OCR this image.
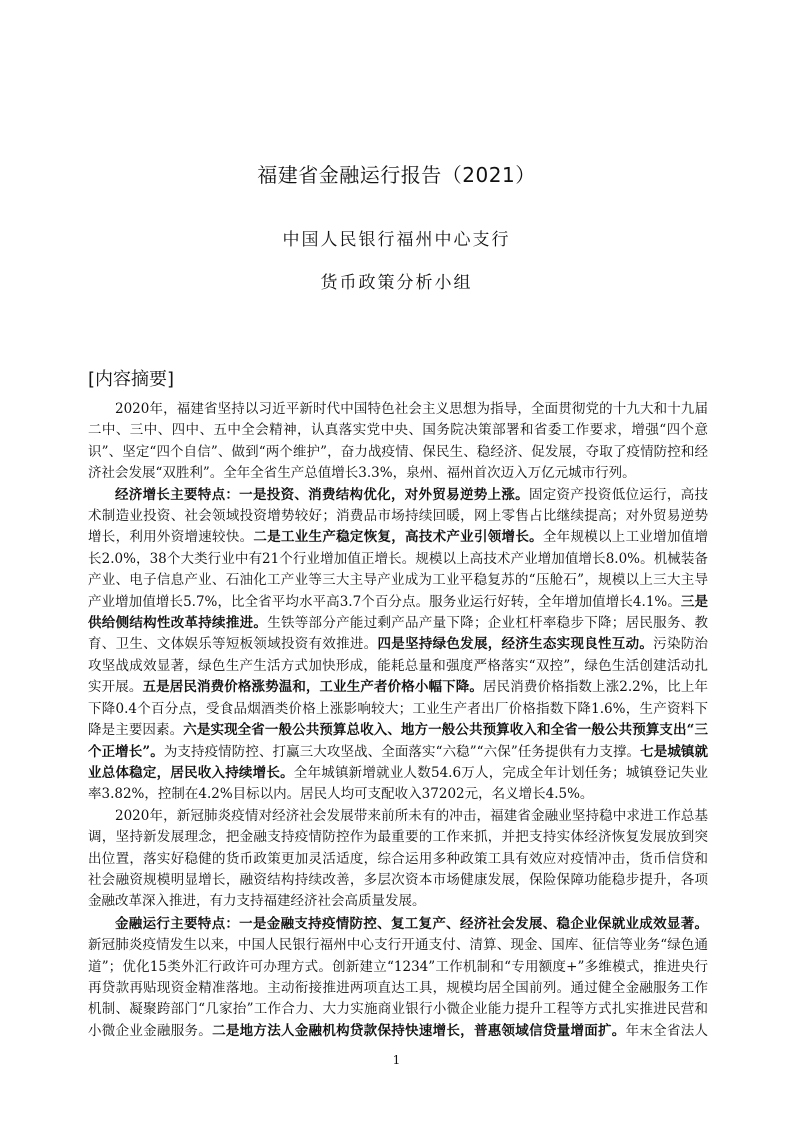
福建省金融运行报告（2021）
中国人民银行福州中心支行
货币政策分析小组
[内容摘要]

2020年，福建省坚持以习近平新时代中国特色社会主义思想为指导，全面贯彻党的十九大和十九届二中、三中、四中、五中全会精神，认真落实党中央、国务院决策部署和省委工作要求，增强“四个意识”、坚定“四个自信”、做到“两个维护”，奋力战疫情、保民生、稳经济、促发展，夺取了疫情防控和经济社会发展“双胜利”。全年全省生产总值增长3.3%，泉州、福州首次迈入万亿元城市行列。

经济增长主要特点：一是投资、消费结构优化，对外贸易逆势上涨。固定资产投资低位运行，高技术制造业投资、社会领域投资增势较好；消费品市场持续回暖，网上零售占比继续提高；对外贸易逆势增长，利用外资增速较快。二是工业生产稳定恢复，高技术产业引领增长。全年规模以上工业增加值增长2.0%，38个大类行业中有21个行业增加值正增长。规模以上高技术产业增加值增长8.0%。机械装备产业、电子信息产业、石油化工产业等三大主导产业成为工业平稳复苏的“压舱石”，规模以上三大主导产业增加值增长5.7%，比全省平均水平高3.7个百分点。服务业运行好转，全年增加值增长4.1%。三是供给侧结构性改革持续推进。生铁等部分产能过剩产品产量下降；企业杠杆率稳步下降；居民服务、教育、卫生、文体娱乐等短板领域投资有效推进。四是坚持绿色发展，经济生态实现良性互动。污染防治攻坚战成效显著，绿色生产生活方式加快形成，能耗总量和强度严格落实“双控”，绿色生活创建活动扎实开展。五是居民消费价格涨势温和，工业生产者价格小幅下降。居民消费价格指数上涨2.2%，比上年下降0.4个百分点，受食品烟酒类价格上涨影响较大；工业生产者出厂价格指数下降1.6%，生产资料下降是主要因素。六是实现全省一般公共预算总收入、地方一般公共预算收入和全省一般公共预算支出“三个正增长”。为支持疫情防控、打赢三大攻坚战、全面落实“六稳”“六保”任务提供有力支撑。七是城镇就业总体稳定，居民收入持续增长。全年城镇新增就业人数54.6万人，完成全年计划任务；城镇登记失业率3.82%，控制在4.2%目标以内。居民人均可支配收入37202元，名义增长4.5%。

2020年，新冠肺炎疫情对经济社会发展带来前所未有的冲击，福建省金融业坚持稳中求进工作总基调，坚持新发展理念，把金融支持疫情防控作为最重要的工作来抓，并把支持实体经济恢复发展放到突出位置，落实好稳健的货币政策更加灵活适度，综合运用多种政策工具有效应对疫情冲击，货币信贷和社会融资规模明显增长，融资结构持续改善，多层次资本市场健康发展，保险保障功能稳步提升，各项金融改革深入推进，有力支持福建经济社会高质量发展。

金融运行主要特点：一是金融支持疫情防控、复工复产、经济社会发展、稳企业保就业成效显著。新冠肺炎疫情发生以来，中国人民银行福州中心支行开通支付、清算、现金、国库、征信等业务“绿色通道”；优化15类外汇行政许可办理方式。创新建立“1234”工作机制和“专用额度+”多维模式，推进央行再贷款再贴现资金精准落地。主动衔接推进两项直达工具，规模均居全国前列。通过健全金融服务工作机制、凝聚跨部门“几家抬”工作合力、大力实施商业银行小微企业能力提升工程等方式扎实推进民营和小微企业金融服务。二是地方法人金融机构贷款保持快速增长，普惠领域信贷量增面扩。年末全省法人

1
